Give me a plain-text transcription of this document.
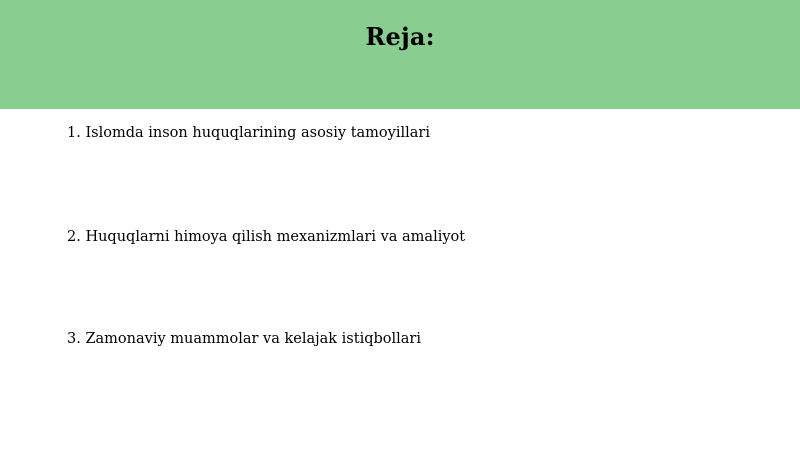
Reja:
1. Islomda inson huquqlarining asosiy tamoyillari
2. Huquqlarni himoya qilish mexanizmlari va amaliyot
3. Zamonaviy muammolar va kelajak istiqbollari
